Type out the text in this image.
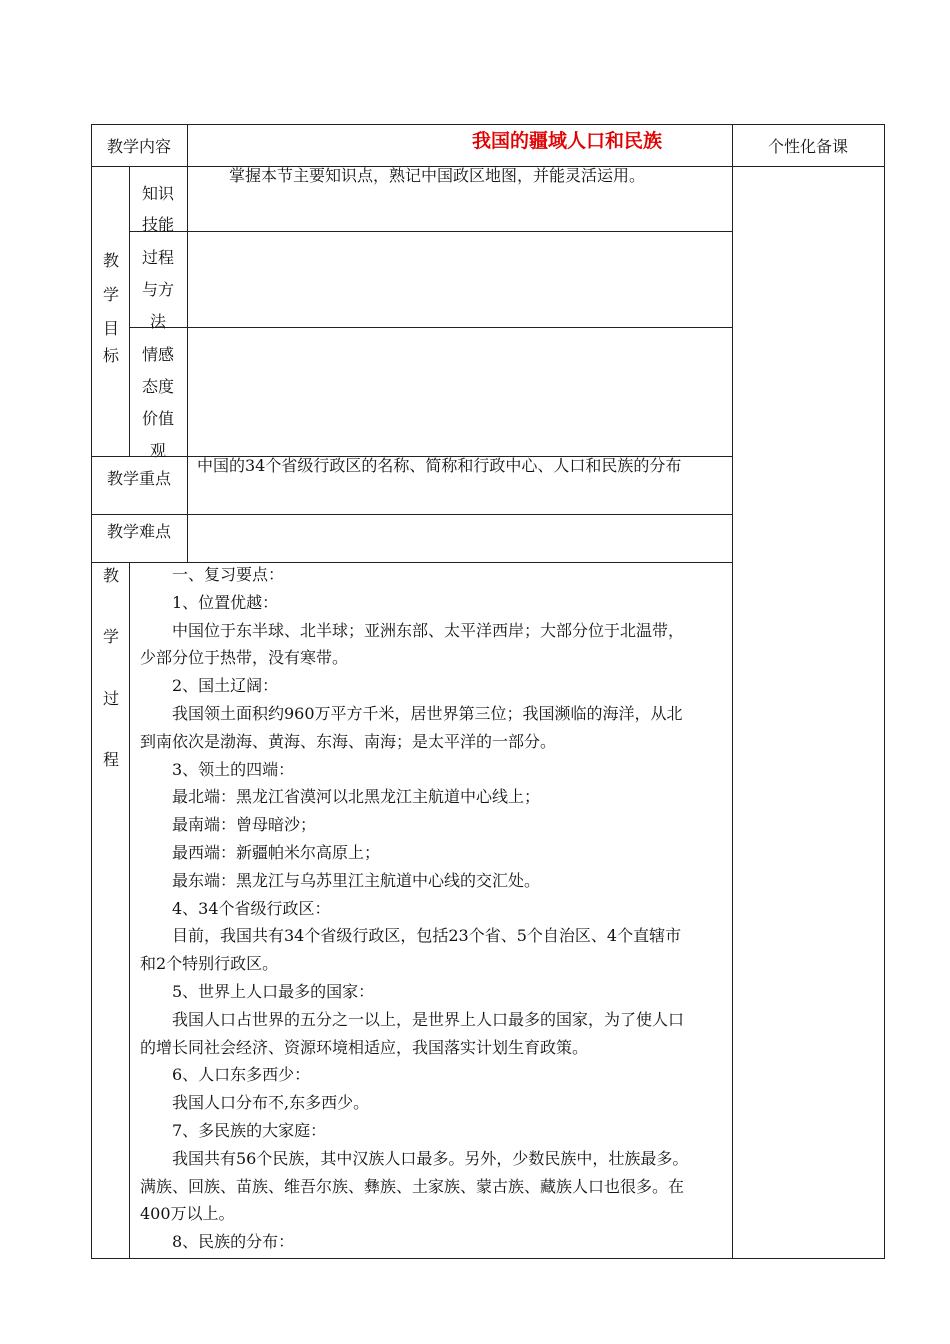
教学内容	我国的疆域人口和民族	个性化备课
教
学
目
标
知识
技能
掌握本节主要知识点，熟记中国政区地图，并能灵活运用。
过程
与方
法
情感
态度
价值
观
教学重点
中国的34个省级行政区的名称、简称和行政中心、人口和民族的分布
教学难点
教
学
过
程

一、复习要点：

1、位置优越：

中国位于东半球、北半球；亚洲东部、太平洋西岸；大部分位于北温带，

少部分位于热带，没有寒带。

2、国土辽阔：

我国领土面积约960万平方千米，居世界第三位；我国濒临的海洋，从北

到南依次是渤海、黄海、东海、南海；是太平洋的一部分。

3、领土的四端：

最北端：黑龙江省漠河以北黑龙江主航道中心线上；

最南端：曾母暗沙；

最西端：新疆帕米尔高原上；

最东端：黑龙江与乌苏里江主航道中心线的交汇处。

4、34个省级行政区：

目前，我国共有34个省级行政区，包括23个省、5个自治区、4个直辖市

和2个特别行政区。

5、世界上人口最多的国家：

我国人口占世界的五分之一以上，是世界上人口最多的国家，为了使人口

的增长同社会经济、资源环境相适应，我国落实计划生育政策。

6、人口东多西少：

我国人口分布不,东多西少。

7、多民族的大家庭：

我国共有56个民族，其中汉族人口最多。另外，少数民族中，壮族最多。

满族、回族、苗族、维吾尔族、彝族、土家族、蒙古族、藏族人口也很多。在

400万以上。

8、民族的分布：
